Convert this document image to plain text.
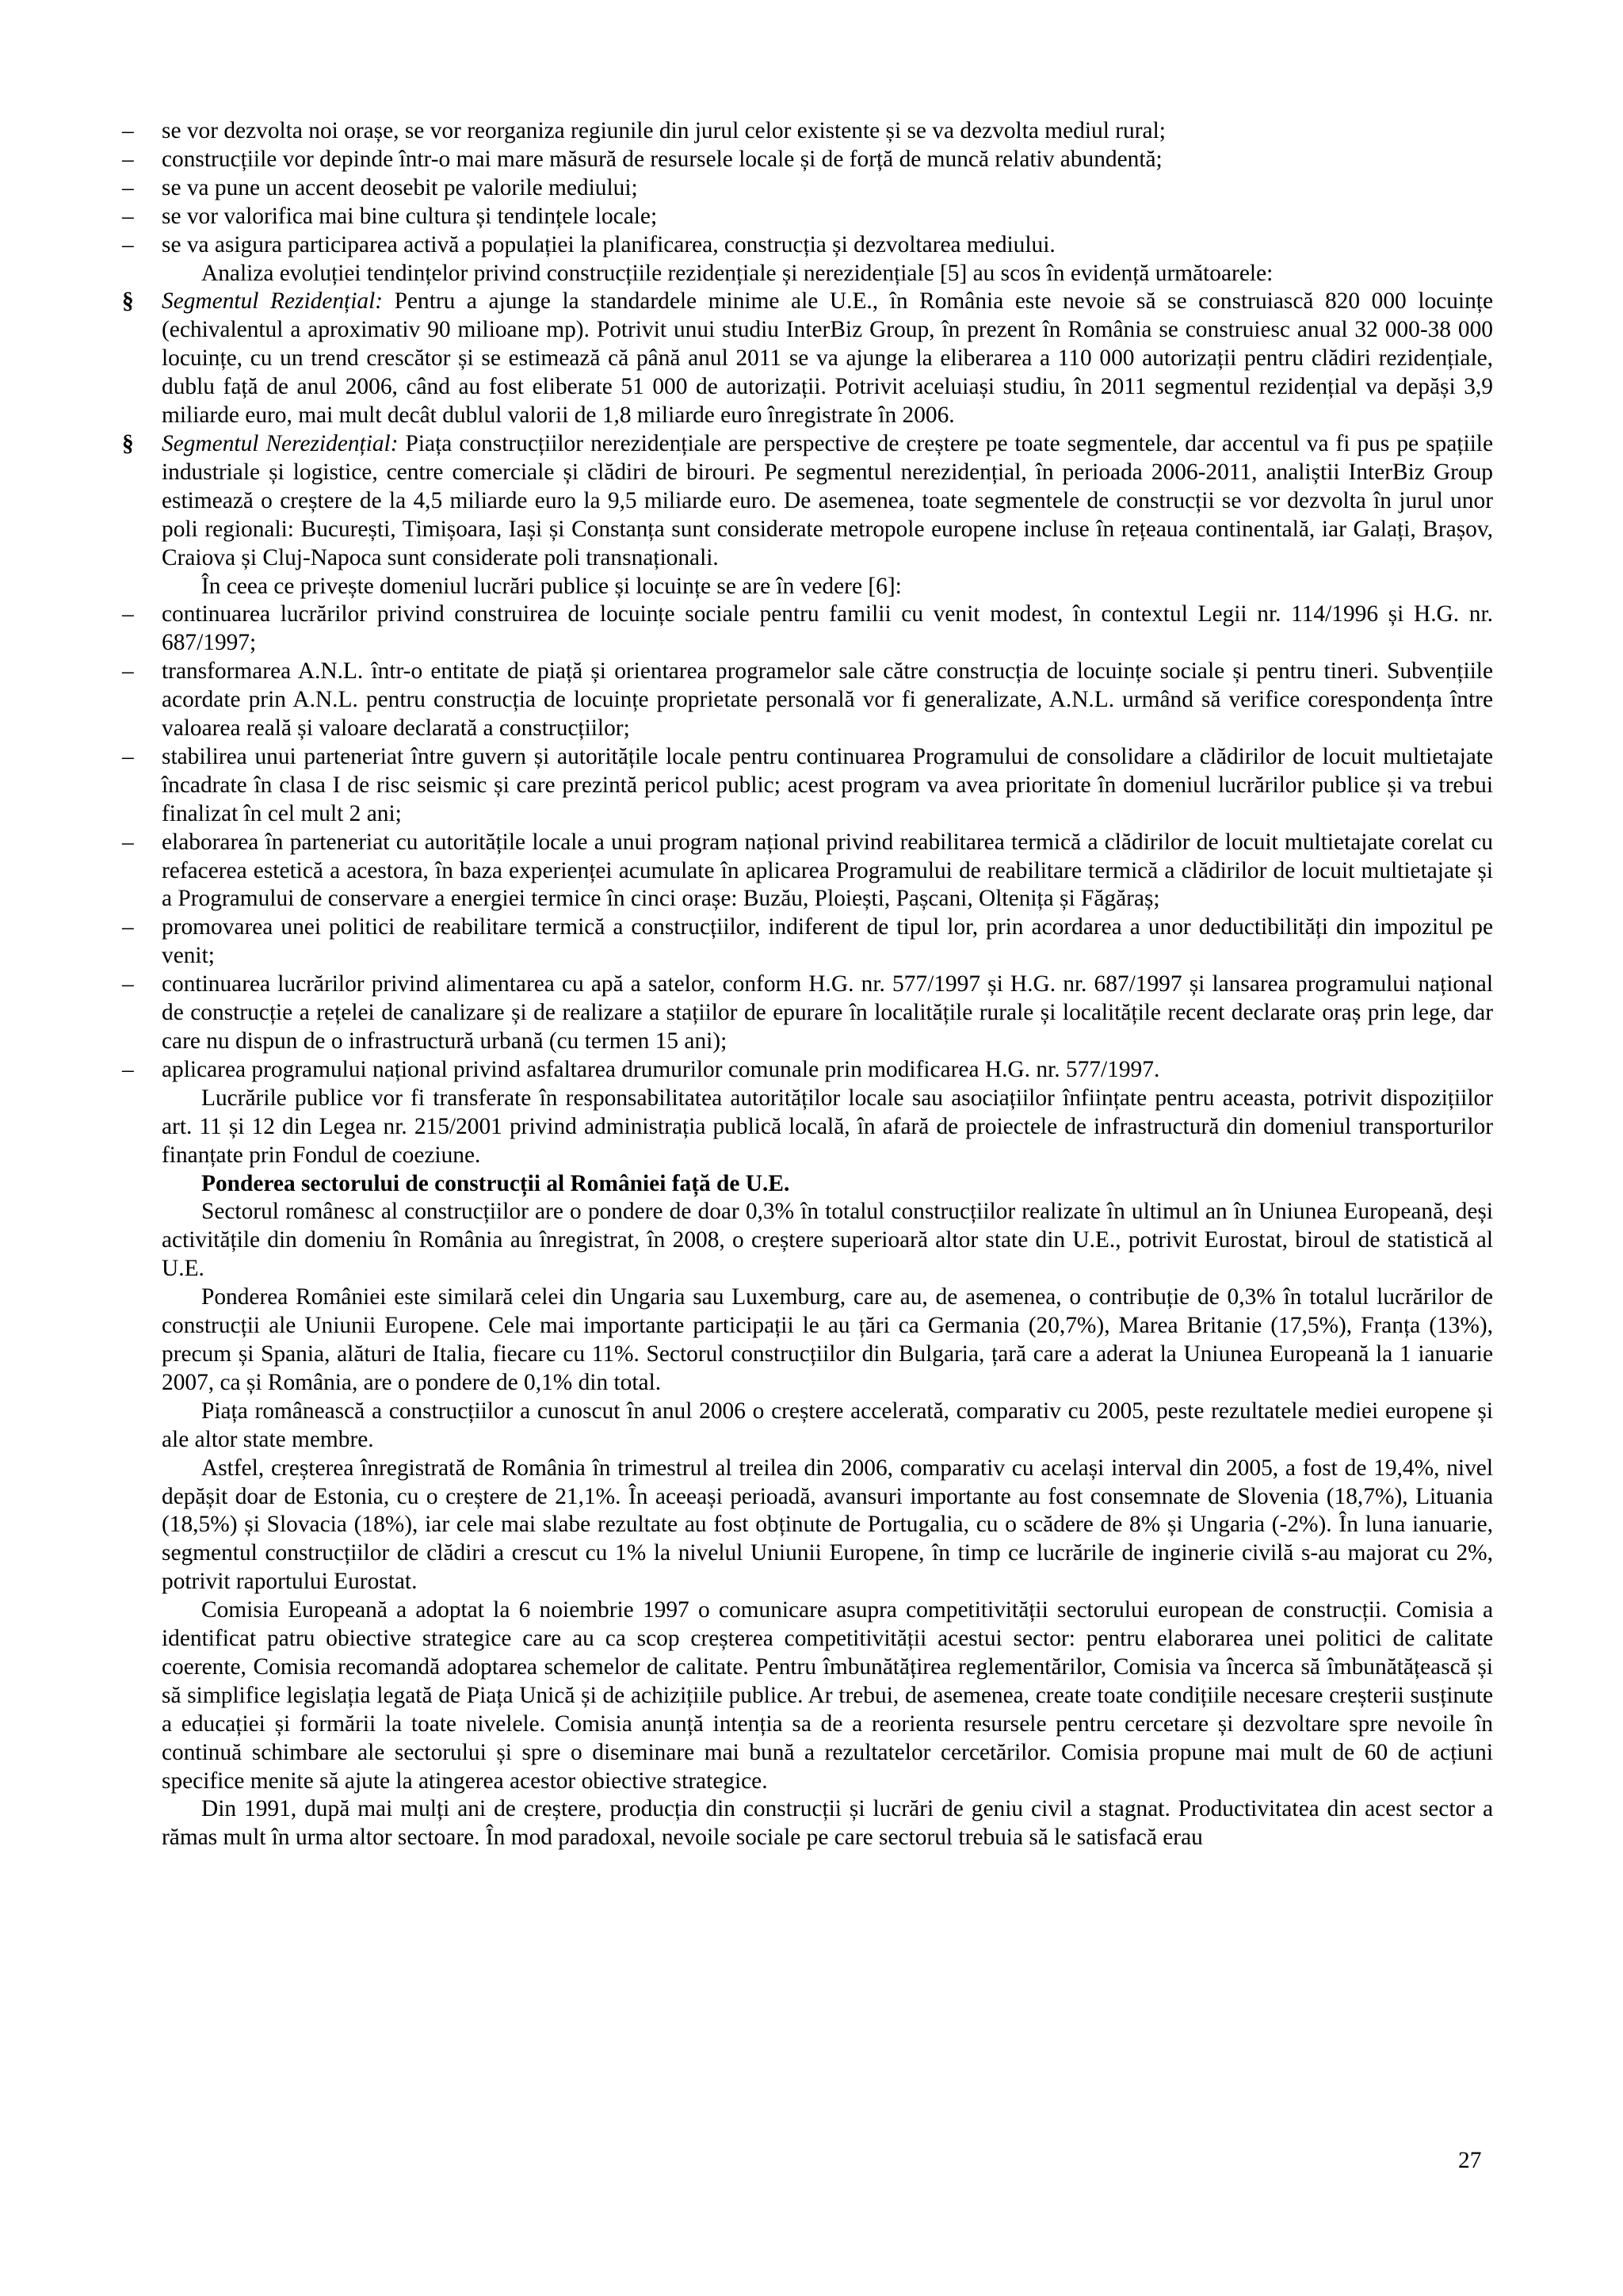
–	se vor dezvolta noi orașe, se vor reorganiza regiunile din jurul celor existente și se va dezvolta mediul rural;
–	construcțiile vor depinde într-o mai mare măsură de resursele locale și de forță de muncă relativ abundentă;
–	se va pune un accent deosebit pe valorile mediului;
–	se vor valorifica mai bine cultura și tendințele locale;
–	se va asigura participarea activă a populației la planificarea, construcția și dezvoltarea mediului.
Analiza evoluției tendințelor privind construcțiile rezidențiale și nerezidențiale [5] au scos în evidență următoarele:
§	Segmentul Rezidențial: Pentru a ajunge la standardele minime ale U.E., în România este nevoie să se construiască 820 000 locuințe (echivalentul a aproximativ 90 milioane mp). Potrivit unui studiu InterBiz Group, în prezent în România se construiesc anual 32 000-38 000 locuințe, cu un trend crescător și se estimează că până anul 2011 se va ajunge la eliberarea a 110 000 autorizații pentru clădiri rezidențiale, dublu față de anul 2006, când au fost eliberate 51 000 de autorizații. Potrivit aceluiași studiu, în 2011 segmentul rezidențial va depăși 3,9 miliarde euro, mai mult decât dublul valorii de 1,8 miliarde euro înregistrate în 2006.
§	Segmentul Nerezidențial: Piața construcțiilor nerezidențiale are perspective de creștere pe toate segmentele, dar accentul va fi pus pe spațiile industriale și logistice, centre comerciale și clădiri de birouri. Pe segmentul nerezidențial, în perioada 2006-2011, analiștii InterBiz Group estimează o creștere de la 4,5 miliarde euro la 9,5 miliarde euro. De asemenea, toate segmentele de construcții se vor dezvolta în jurul unor poli regionali: București, Timișoara, Iași și Constanța sunt considerate metropole europene incluse în rețeaua continentală, iar Galați, Brașov, Craiova și Cluj-Napoca sunt considerate poli transnaționali.
În ceea ce privește domeniul lucrări publice și locuințe se are în vedere [6]:
–	continuarea lucrărilor privind construirea de locuințe sociale pentru familii cu venit modest, în contextul Legii nr. 114/1996 și H.G. nr. 687/1997;
–	transformarea A.N.L. într-o entitate de piață și orientarea programelor sale către construcția de locuințe sociale și pentru tineri. Subvențiile acordate prin A.N.L. pentru construcția de locuințe proprietate personală vor fi generalizate, A.N.L. urmând să verifice corespondența între valoarea reală și valoare declarată a construcțiilor;
–	stabilirea unui parteneriat între guvern și autoritățile locale pentru continuarea Programului de consolidare a clădirilor de locuit multietajate încadrate în clasa I de risc seismic și care prezintă pericol public; acest program va avea prioritate în domeniul lucrărilor publice și va trebui finalizat în cel mult 2 ani;
–	elaborarea în parteneriat cu autoritățile locale a unui program național privind reabilitarea termică a clădirilor de locuit multietajate corelat cu refacerea estetică a acestora, în baza experienței acumulate în aplicarea Programului de reabilitare termică a clădirilor de locuit multietajate și a Programului de conservare a energiei termice în cinci orașe: Buzău, Ploiești, Pașcani, Oltenița și Făgăraș;
–	promovarea unei politici de reabilitare termică a construcțiilor, indiferent de tipul lor, prin acordarea a unor deductibilități din impozitul pe venit;
–	continuarea lucrărilor privind alimentarea cu apă a satelor, conform H.G. nr. 577/1997 și H.G. nr. 687/1997 și lansarea programului național de construcție a rețelei de canalizare și de realizare a stațiilor de epurare în localitățile rurale și localitățile recent declarate oraș prin lege, dar care nu dispun de o infrastructură urbană (cu termen 15 ani);
–	aplicarea programului național privind asfaltarea drumurilor comunale prin modificarea H.G. nr. 577/1997.
Lucrările publice vor fi transferate în responsabilitatea autorităților locale sau asociațiilor înființate pentru aceasta, potrivit dispozițiilor art. 11 și 12 din Legea nr. 215/2001 privind administrația publică locală, în afară de proiectele de infrastructură din domeniul transporturilor finanțate prin Fondul de coeziune.
Ponderea sectorului de construcții al României față de U.E.
Sectorul românesc al construcțiilor are o pondere de doar 0,3% în totalul construcțiilor realizate în ultimul an în Uniunea Europeană, deși activitățile din domeniu în România au înregistrat, în 2008, o creștere superioară altor state din U.E., potrivit Eurostat, biroul de statistică al U.E.
Ponderea României este similară celei din Ungaria sau Luxemburg, care au, de asemenea, o contribuție de 0,3% în totalul lucrărilor de construcții ale Uniunii Europene. Cele mai importante participații le au țări ca Germania (20,7%), Marea Britanie (17,5%), Franța (13%), precum și Spania, alături de Italia, fiecare cu 11%. Sectorul construcțiilor din Bulgaria, țară care a aderat la Uniunea Europeană la 1 ianuarie 2007, ca și România, are o pondere de 0,1% din total.
Piața românească a construcțiilor a cunoscut în anul 2006 o creștere accelerată, comparativ cu 2005, peste rezultatele mediei europene și ale altor state membre.
Astfel, creșterea înregistrată de România în trimestrul al treilea din 2006, comparativ cu același interval din 2005, a fost de 19,4%, nivel depășit doar de Estonia, cu o creștere de 21,1%. În aceeași perioadă, avansuri importante au fost consemnate de Slovenia (18,7%), Lituania (18,5%) și Slovacia (18%), iar cele mai slabe rezultate au fost obținute de Portugalia, cu o scădere de 8% și Ungaria (-2%). În luna ianuarie, segmentul construcțiilor de clădiri a crescut cu 1% la nivelul Uniunii Europene, în timp ce lucrările de inginerie civilă s-au majorat cu 2%, potrivit raportului Eurostat.
Comisia Europeană a adoptat la 6 noiembrie 1997 o comunicare asupra competitivității sectorului european de construcții. Comisia a identificat patru obiective strategice care au ca scop creșterea competitivității acestui sector: pentru elaborarea unei politici de calitate coerente, Comisia recomandă adoptarea schemelor de calitate. Pentru îmbunătățirea reglementărilor, Comisia va încerca să îmbunătățească și să simplifice legislația legată de Piața Unică și de achizițiile publice. Ar trebui, de asemenea, create toate condițiile necesare creșterii susținute a educației și formării la toate nivelele. Comisia anunță intenția sa de a reorienta resursele pentru cercetare și dezvoltare spre nevoile în continuă schimbare ale sectorului și spre o diseminare mai bună a rezultatelor cercetărilor. Comisia propune mai mult de 60 de acțiuni specifice menite să ajute la atingerea acestor obiective strategice.
Din 1991, după mai mulți ani de creștere, producția din construcții și lucrări de geniu civil a stagnat. Productivitatea din acest sector a rămas mult în urma altor sectoare. În mod paradoxal, nevoile sociale pe care sectorul trebuia să le satisfacă erau
27
